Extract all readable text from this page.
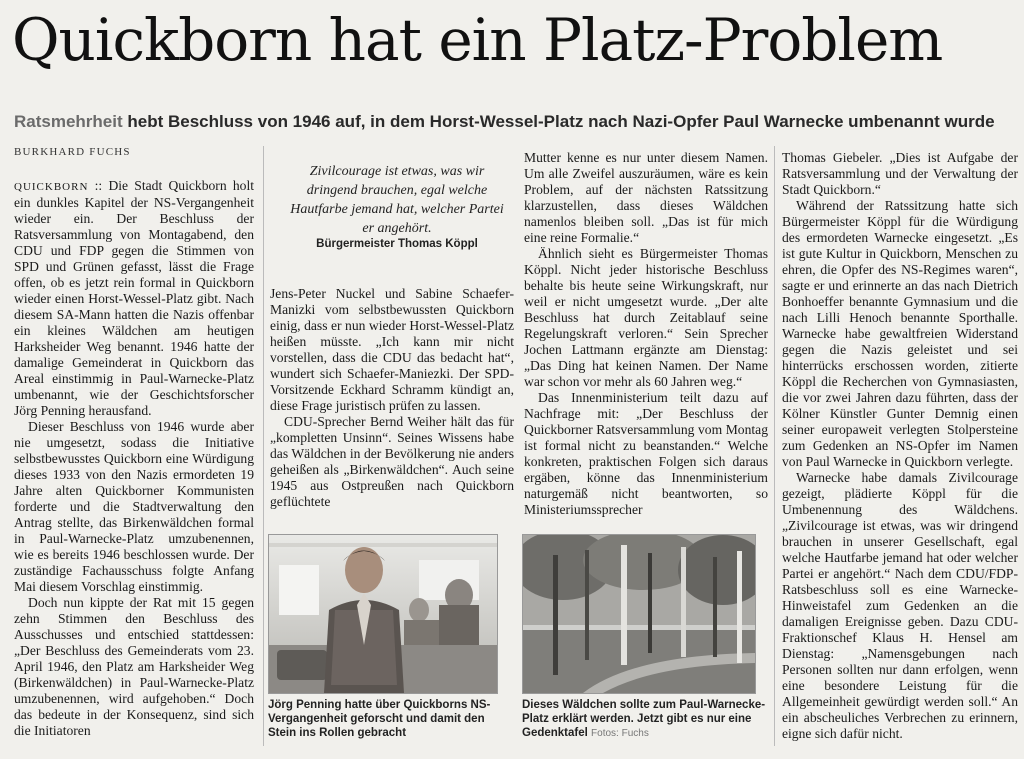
Quickborn hat ein Platz-Problem
Ratsmehrheit hebt Beschluss von 1946 auf, in dem Horst-Wessel-Platz nach Nazi-Opfer Paul Warnecke umbenannt wurde
BURKHARD FUCHS

QUICKBORN :: Die Stadt Quickborn holt ein dunkles Kapitel der NS-Vergangenheit wieder ein. Der Beschluss der Ratsversammlung von Montagabend, den CDU und FDP gegen die Stimmen von SPD und Grünen gefasst, lässt die Frage offen, ob es jetzt rein formal in Quickborn wieder einen Horst-Wessel-Platz gibt. Nach diesem SA-Mann hatten die Nazis offenbar ein kleines Wäldchen am heutigen Harksheider Weg benannt. 1946 hatte der damalige Gemeinderat in Quickborn das Areal einstimmig in Paul-Warnecke-Platz umbenannt, wie der Geschichtsforscher Jörg Penning herausfand.

Dieser Beschluss von 1946 wurde aber nie umgesetzt, sodass die Initiative selbstbewusstes Quickborn eine Würdigung dieses 1933 von den Nazis ermordeten 19 Jahre alten Quickborner Kommunisten forderte und die Stadtverwaltung den Antrag stellte, das Birkenwäldchen formal in Paul-Warnecke-Platz umzubenennen, wie es bereits 1946 beschlossen wurde. Der zuständige Fachausschuss folgte Anfang Mai diesem Vorschlag einstimmig.

Doch nun kippte der Rat mit 15 gegen zehn Stimmen den Beschluss des Ausschusses und entschied stattdessen: „Der Beschluss des Gemeinderats vom 23. April 1946, den Platz am Harksheider Weg (Birkenwäldchen) in Paul-Warnecke-Platz umzubenennen, wird aufgehoben.“ Doch das bedeute in der Konsequenz, sind sich die Initiatoren

Zivilcourage ist etwas, was wir dringend brauchen, egal welche Hautfarbe jemand hat, welcher Partei er angehört.
Bürgermeister Thomas Köppl

Jens-Peter Nuckel und Sabine Schaefer-Manizki vom selbstbewussten Quickborn einig, dass er nun wieder Horst-Wessel-Platz heißen müsste. „Ich kann mir nicht vorstellen, dass die CDU das bedacht hat“, wundert sich Schaefer-Maniezki. Der SPD-Vorsitzende Eckhard Schramm kündigt an, diese Frage juristisch prüfen zu lassen.

CDU-Sprecher Bernd Weiher hält das für „kompletten Unsinn“. Seines Wissens habe das Wäldchen in der Bevölkerung nie anders geheißen als „Birkenwäldchen“. Auch seine 1945 aus Ostpreußen nach Quickborn geflüchtete

Mutter kenne es nur unter diesem Namen. Um alle Zweifel auszuräumen, wäre es kein Problem, auf der nächsten Ratssitzung klarzustellen, dass dieses Wäldchen namenlos bleiben soll. „Das ist für mich eine reine Formalie.“

Ähnlich sieht es Bürgermeister Thomas Köppl. Nicht jeder historische Beschluss behalte bis heute seine Wirkungskraft, nur weil er nicht umgesetzt wurde. „Der alte Beschluss hat durch Zeitablauf seine Regelungskraft verloren.“ Sein Sprecher Jochen Lattmann ergänzte am Dienstag: „Das Ding hat keinen Namen. Der Name war schon vor mehr als 60 Jahren weg.“

Das Innenministerium teilt dazu auf Nachfrage mit: „Der Beschluss der Quickborner Ratsversammlung vom Montag ist formal nicht zu beanstanden.“ Welche konkreten, praktischen Folgen sich daraus ergäben, könne das Innenministerium naturgemäß nicht beantworten, so Ministeriumssprecher

Thomas Giebeler. „Dies ist Aufgabe der Ratsversammlung und der Verwaltung der Stadt Quickborn.“

Während der Ratssitzung hatte sich Bürgermeister Köppl für die Würdigung des ermordeten Warnecke eingesetzt. „Es ist gute Kultur in Quickborn, Menschen zu ehren, die Opfer des NS-Regimes waren“, sagte er und erinnerte an das nach Dietrich Bonhoeffer benannte Gymnasium und die nach Lilli Henoch benannte Sporthalle. Warnecke habe gewaltfreien Widerstand gegen die Nazis geleistet und sei hinterrücks erschossen worden, zitierte Köppl die Recherchen von Gymnasiasten, die vor zwei Jahren dazu führten, dass der Kölner Künstler Gunter Demnig einen seiner europaweit verlegten Stolpersteine zum Gedenken an NS-Opfer im Namen von Paul Warnecke in Quickborn verlegte.

Warnecke habe damals Zivilcourage gezeigt, plädierte Köppl für die Umbenennung des Wäldchens. „Zivilcourage ist etwas, was wir dringend brauchen in unserer Gesellschaft, egal welche Hautfarbe jemand hat oder welcher Partei er angehört.“ Nach dem CDU/FDP-Ratsbeschluss soll es eine Warnecke-Hinweistafel zum Gedenken an die damaligen Ereignisse geben. Dazu CDU-Fraktionschef Klaus H. Hensel am Dienstag: „Namensgebungen nach Personen sollten nur dann erfolgen, wenn eine besondere Leistung für die Allgemeinheit gewürdigt werden soll.“ An ein abscheuliches Verbrechen zu erinnern, eigne sich dafür nicht.

Jörg Penning hatte über Quickborns NS-Vergangenheit geforscht und damit den Stein ins Rollen gebracht
Dieses Wäldchen sollte zum Paul-Warnecke-Platz erklärt werden. Jetzt gibt es nur eine Gedenktafel Fotos: Fuchs
